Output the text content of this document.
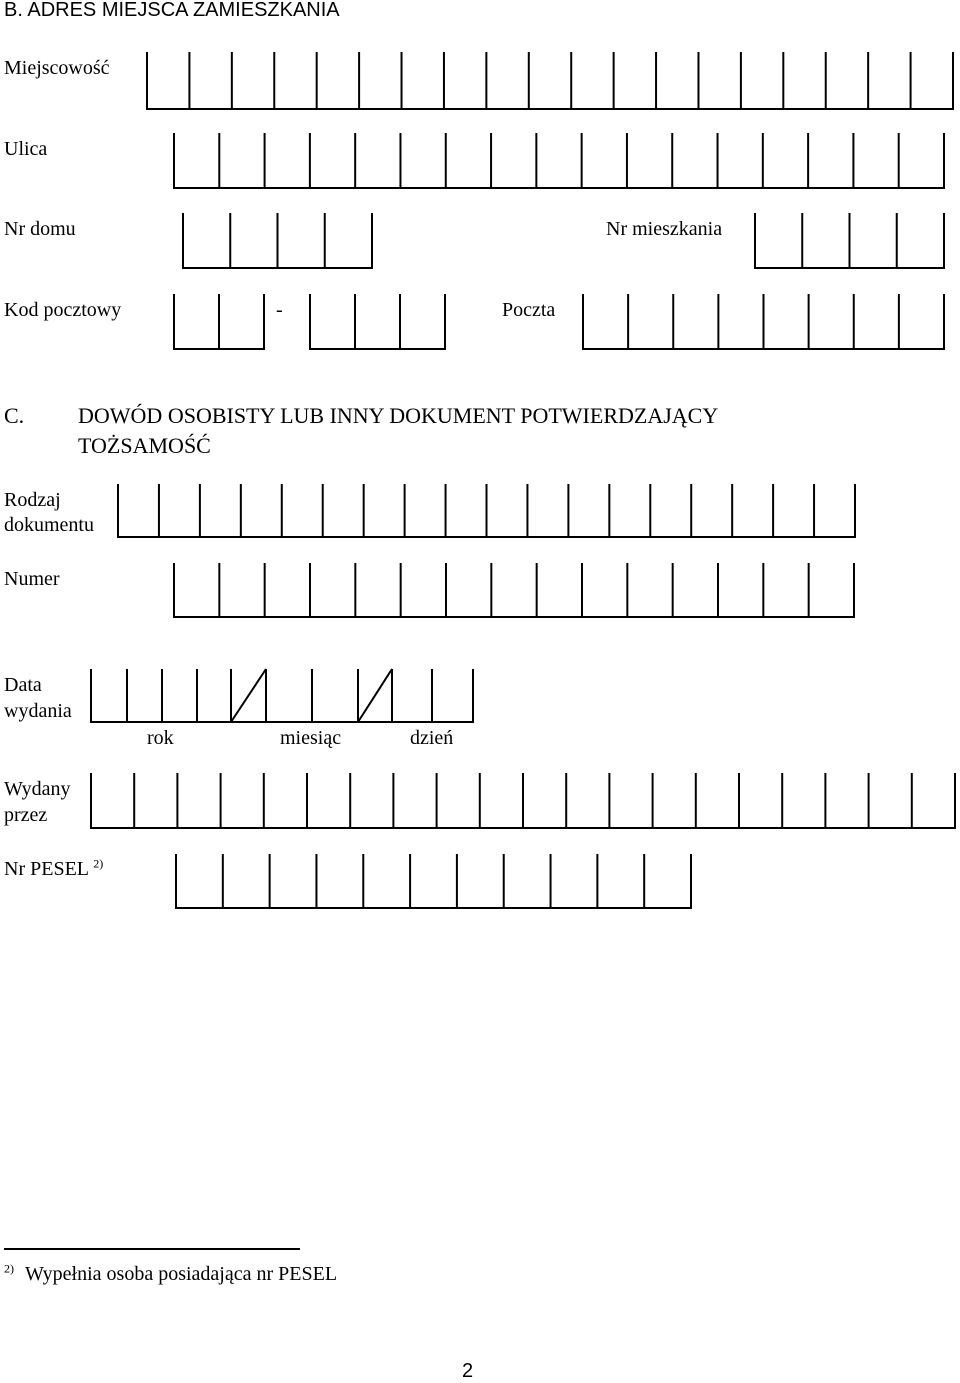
B. ADRES MIEJSCA ZAMIESZKANIA
Miejscowość
Ulica
Nr domu	Nr mieszkania
Kod pocztowy	-	Poczta
C. DOWÓD OSOBISTY LUB INNY DOKUMENT POTWIERDZAJĄCY
TOŻSAMOŚĆ
Rodzaj
dokumentu
Numer
Data
wydania
rok	miesiąc	dzień
Wydany
przez
Nr PESEL $^{2)}$
$^{2)}$ Wypełnia osoba posiadająca nr PESEL
2
